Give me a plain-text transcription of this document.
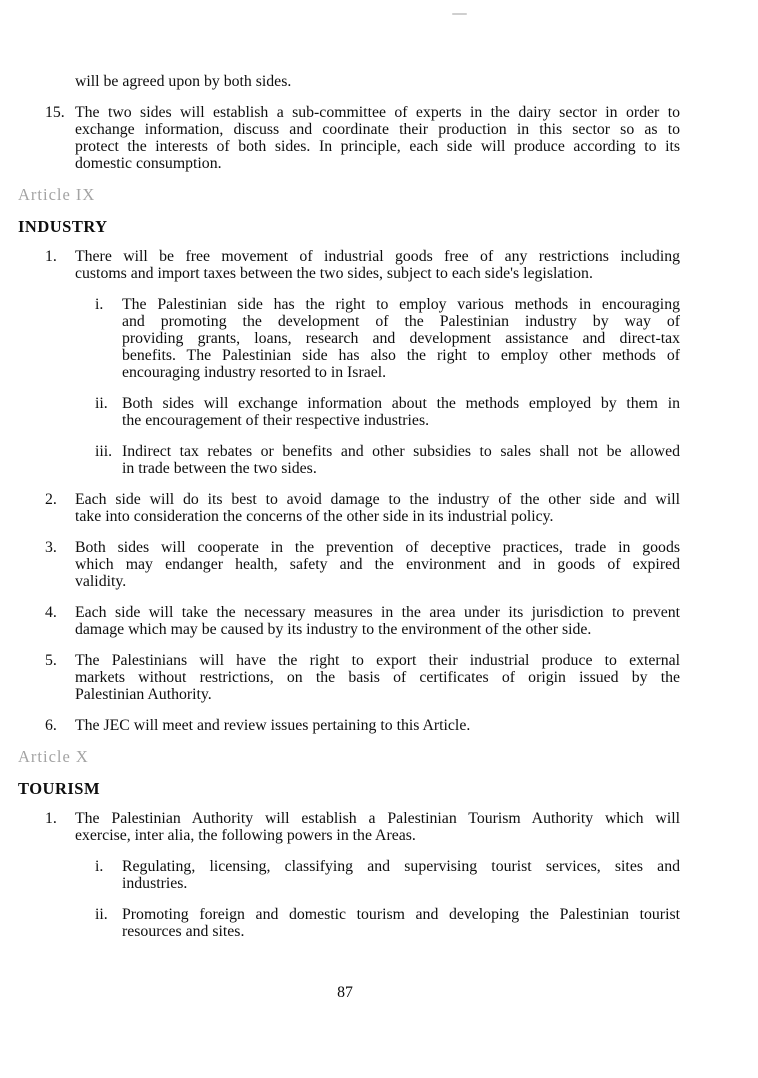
will be agreed upon by both sides.
15. The two sides will establish a sub-committee of experts in the dairy sector in order to
exchange information, discuss and coordinate their production in this sector so as to
protect the interests of both sides. In principle, each side will produce according to its
domestic consumption.
Article IX
INDUSTRY
1. There will be free movement of industrial goods free of any restrictions including
customs and import taxes between the two sides, subject to each side's legislation.
i. The Palestinian side has the right to employ various methods in encouraging
and promoting the development of the Palestinian industry by way of
providing grants, loans, research and development assistance and direct-tax
benefits. The Palestinian side has also the right to employ other methods of
encouraging industry resorted to in Israel.
ii. Both sides will exchange information about the methods employed by them in
the encouragement of their respective industries.
iii. Indirect tax rebates or benefits and other subsidies to sales shall not be allowed
in trade between the two sides.
2. Each side will do its best to avoid damage to the industry of the other side and will
take into consideration the concerns of the other side in its industrial policy.
3. Both sides will cooperate in the prevention of deceptive practices, trade in goods
which may endanger health, safety and the environment and in goods of expired
validity.
4. Each side will take the necessary measures in the area under its jurisdiction to prevent
damage which may be caused by its industry to the environment of the other side.
5. The Palestinians will have the right to export their industrial produce to external
markets without restrictions, on the basis of certificates of origin issued by the
Palestinian Authority.
6. The JEC will meet and review issues pertaining to this Article.
Article X
TOURISM
1. The Palestinian Authority will establish a Palestinian Tourism Authority which will
exercise, inter alia, the following powers in the Areas.
i. Regulating, licensing, classifying and supervising tourist services, sites and
industries.
ii. Promoting foreign and domestic tourism and developing the Palestinian tourist
resources and sites.
87
